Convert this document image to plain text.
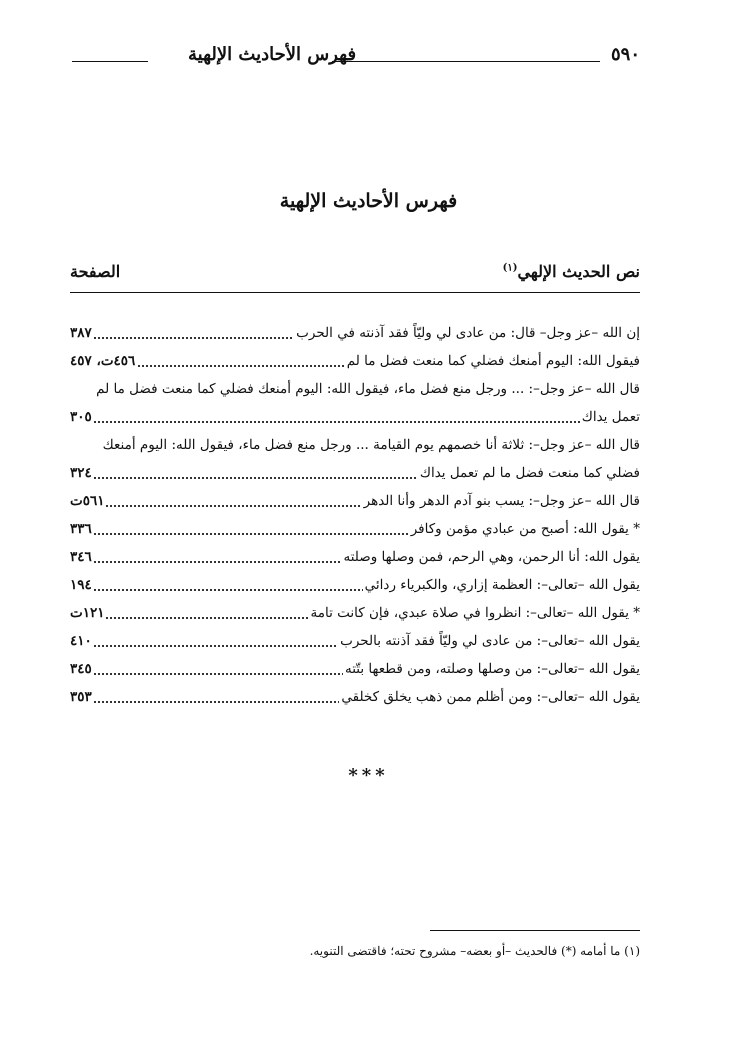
٥٩٠
فهرس الأحاديث الإلهية
فهرس الأحاديث الإلهية
نص الحديث الإلهي$^{(١)}$
الصفحة
إن الله –عز وجل– قال: من عادى لي وليّاً فقد آذنته في الحرب
٣٨٧
فيقول الله: اليوم أمنعك فضلي كما منعت فضل ما لم
٤٥٦ت، ٤٥٧
قال الله –عز وجل–: ... ورجل منع فضل ماء، فيقول الله: اليوم أمنعك فضلي كما منعت فضل ما لم
تعمل يداك
٣٠٥
قال الله –عز وجل–: ثلاثة أنا خصمهم يوم القيامة ... ورجل منع فضل ماء، فيقول الله: اليوم أمنعك
فضلي كما منعت فضل ما لم تعمل يداك
٣٢٤
قال الله –عز وجل–: يسب بنو آدم الدهر وأنا الدهر
٥٦١ت
* يقول الله: أصبح من عبادي مؤمن وكافر
٣٣٦
يقول الله: أنا الرحمن، وهي الرحم، فمن وصلها وصلته
٣٤٦
يقول الله –تعالى–: العظمة إزاري، والكبرياء ردائي
١٩٤
* يقول الله –تعالى–: انظروا في صلاة عبدي، فإن كانت تامة
١٢١ت
يقول الله –تعالى–: من عادى لي وليّاً فقد آذنته بالحرب
٤١٠
يقول الله –تعالى–: من وصلها وصلته، ومن قطعها بتّته
٣٤٥
يقول الله –تعالى–: ومن أظلم ممن ذهب يخلق كخلقي
٣٥٣
***
(١) ما أمامه (*) فالحديث –أو بعضه– مشروح تحته؛ فاقتضى التنويه.
